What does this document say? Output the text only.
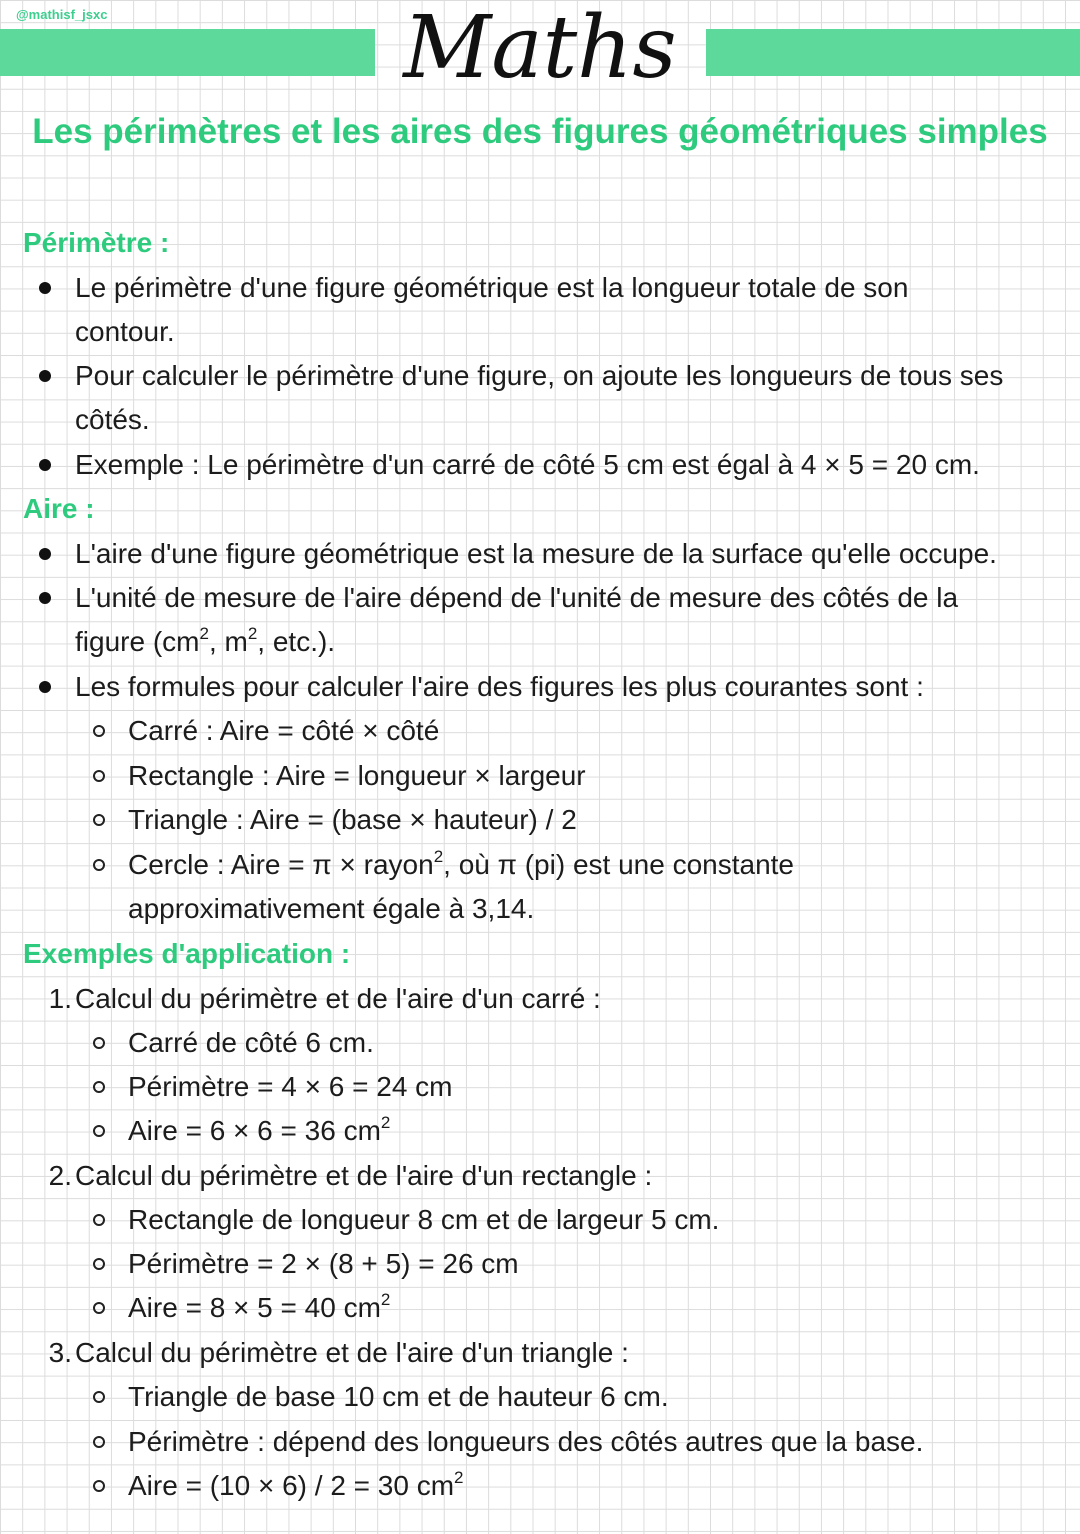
@mathisf_jsxc	Maths
Les périmètres et les aires des figures géométriques simples
Périmètre :
Le périmètre d'une figure géométrique est la longueur totale de son
contour.
Pour calculer le périmètre d'une figure, on ajoute les longueurs de tous ses
côtés.
Exemple : Le périmètre d'un carré de côté 5 cm est égal à 4 × 5 = 20 cm.
Aire :
L'aire d'une figure géométrique est la mesure de la surface qu'elle occupe.
L'unité de mesure de l'aire dépend de l'unité de mesure des côtés de la
figure ($cm^2$, $m^2$, etc.).
Les formules pour calculer l'aire des figures les plus courantes sont :
Carré : Aire = côté × côté
Rectangle : Aire = longueur × largeur
Triangle : Aire = (base × hauteur) / 2
Cercle : Aire = π × rayon$^2$, où π (pi) est une constante
approximativement égale à 3,14.
Exemples d'application :
1. Calcul du périmètre et de l'aire d'un carré :
Carré de côté 6 cm.
Périmètre = 4 × 6 = 24 cm
Aire = 6 × 6 = 36 $cm^2$
2. Calcul du périmètre et de l'aire d'un rectangle :
Rectangle de longueur 8 cm et de largeur 5 cm.
Périmètre = 2 × (8 + 5) = 26 cm
Aire = 8 × 5 = 40 $cm^2$
3. Calcul du périmètre et de l'aire d'un triangle :
Triangle de base 10 cm et de hauteur 6 cm.
Périmètre : dépend des longueurs des côtés autres que la base.
Aire = (10 × 6) / 2 = 30 $cm^2$
